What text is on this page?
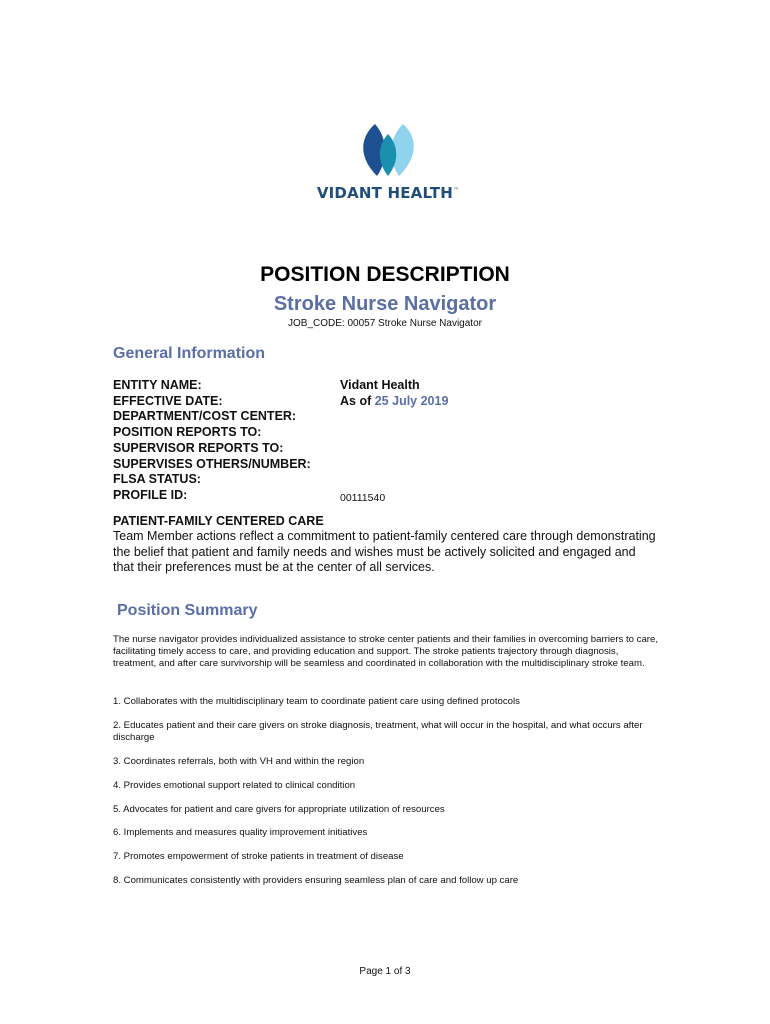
VIDANT HEALTH™
POSITION DESCRIPTION
Stroke Nurse Navigator
JOB_CODE: 00057 Stroke Nurse Navigator
General Information
ENTITY NAME:
EFFECTIVE DATE:
DEPARTMENT/COST CENTER:
POSITION REPORTS TO:
SUPERVISOR REPORTS TO:
SUPERVISES OTHERS/NUMBER:
FLSA STATUS:
PROFILE ID:
Vidant Health
As of 25 July 2019
00111540
PATIENT-FAMILY CENTERED CARE
Team Member actions reflect a commitment to patient-family centered care through demonstrating the belief that patient and family needs and wishes must be actively solicited and engaged and that their preferences must be at the center of all services.
Position Summary
The nurse navigator provides individualized assistance to stroke center patients and their families in overcoming barriers to care, facilitating timely access to care, and providing education and support. The stroke patients trajectory through diagnosis, treatment, and after care survivorship will be seamless and coordinated in collaboration with the multidisciplinary stroke team.
1. Collaborates with the multidisciplinary team to coordinate patient care using defined protocols
2. Educates patient and their care givers on stroke diagnosis, treatment, what will occur in the hospital, and what occurs after discharge
3. Coordinates referrals, both with VH and within the region
4. Provides emotional support related to clinical condition
5. Advocates for patient and care givers for appropriate utilization of resources
6. Implements and measures quality improvement initiatives
7. Promotes empowerment of stroke patients in treatment of disease
8. Communicates consistently with providers ensuring seamless plan of care and follow up care
Page 1 of 3
